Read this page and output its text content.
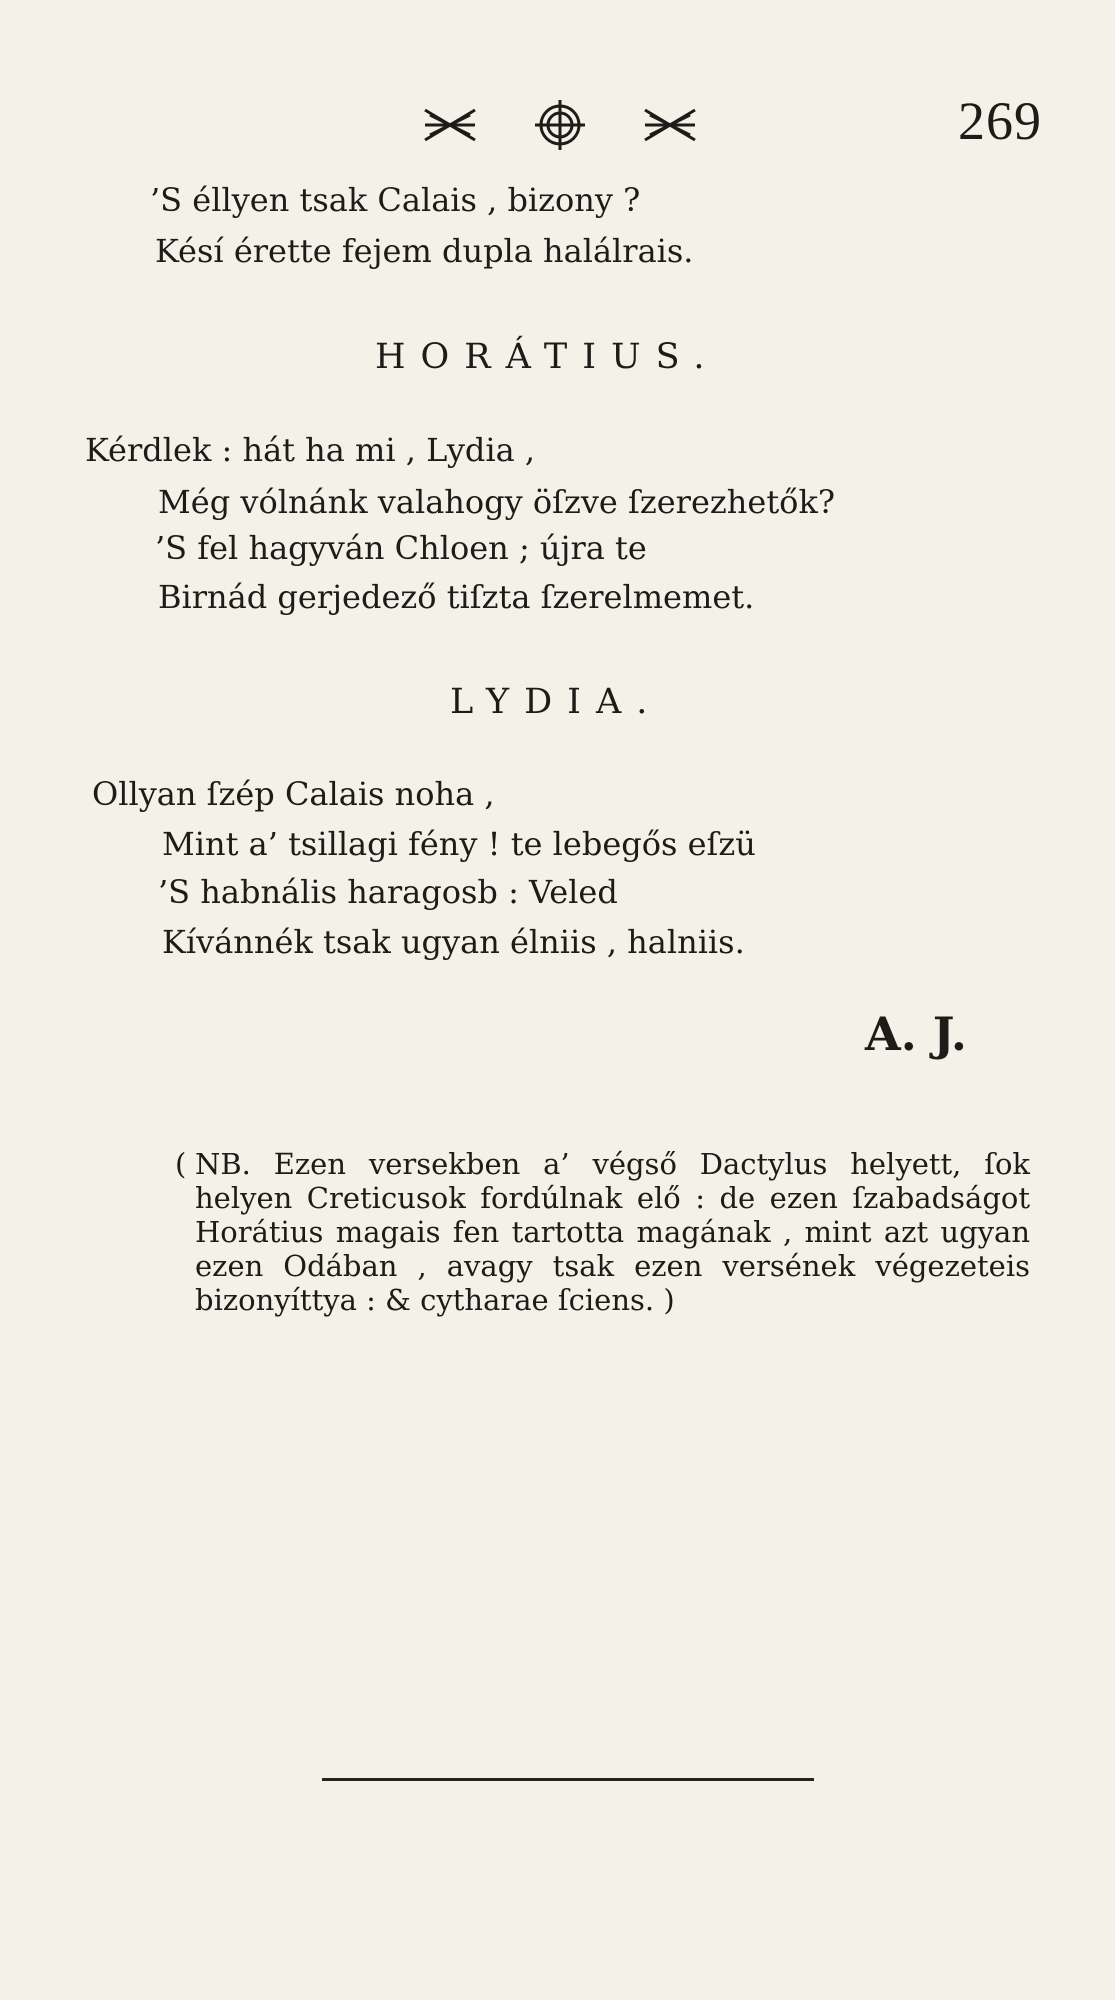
269
’S éllyen tsak Calais , bizony ?
Késí érette fejem dupla halálrais.
HORÁTIUS.
Kérdlek : hát ha mi , Lydia ,
Még vólnánk valahogy öſzve ſzerezhetők?
’S fel hagyván Chloen ; újra te
Birnád gerjedező tiſzta ſzerelmemet.
LYDIA.
Ollyan ſzép Calais noha ,
Mint a’ tsillagi fény ! te lebegős eſzü
’S habnális haragosb : Veled
Kívánnék tsak ugyan élniis , halniis.
A. J.
( NB. Ezen versekben a’ végső Dactylus helyett, ſok helyen Creticusok fordúlnak elő : de ezen ſzabadságot Horátius magais fen tartotta magának , mint azt ugyan ezen Odában , avagy tsak ezen versének végezeteis bizonyíttya : & cytharae ſciens. )
